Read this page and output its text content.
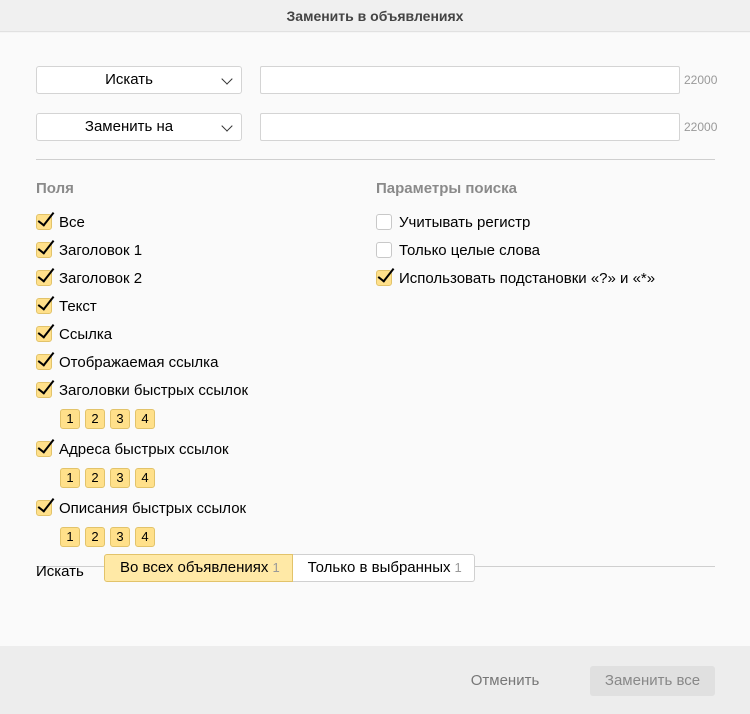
Заменить в объявлениях
Искать	22000
Заменить на	22000
Поля
Все
Заголовок 1
Заголовок 2
Текст
Ссылка
Отображаемая ссылка
Заголовки быстрых ссылок
1	2	3	4
Адреса быстрых ссылок
1	2	3	4
Описания быстрых ссылок
1	2	3	4
Параметры поиска
Учитывать регистр
Только целые слова
Использовать подстановки «?» и «*»
Искать	Во всех объявлениях 1	Только в выбранных 1
Отменить	Заменить все
